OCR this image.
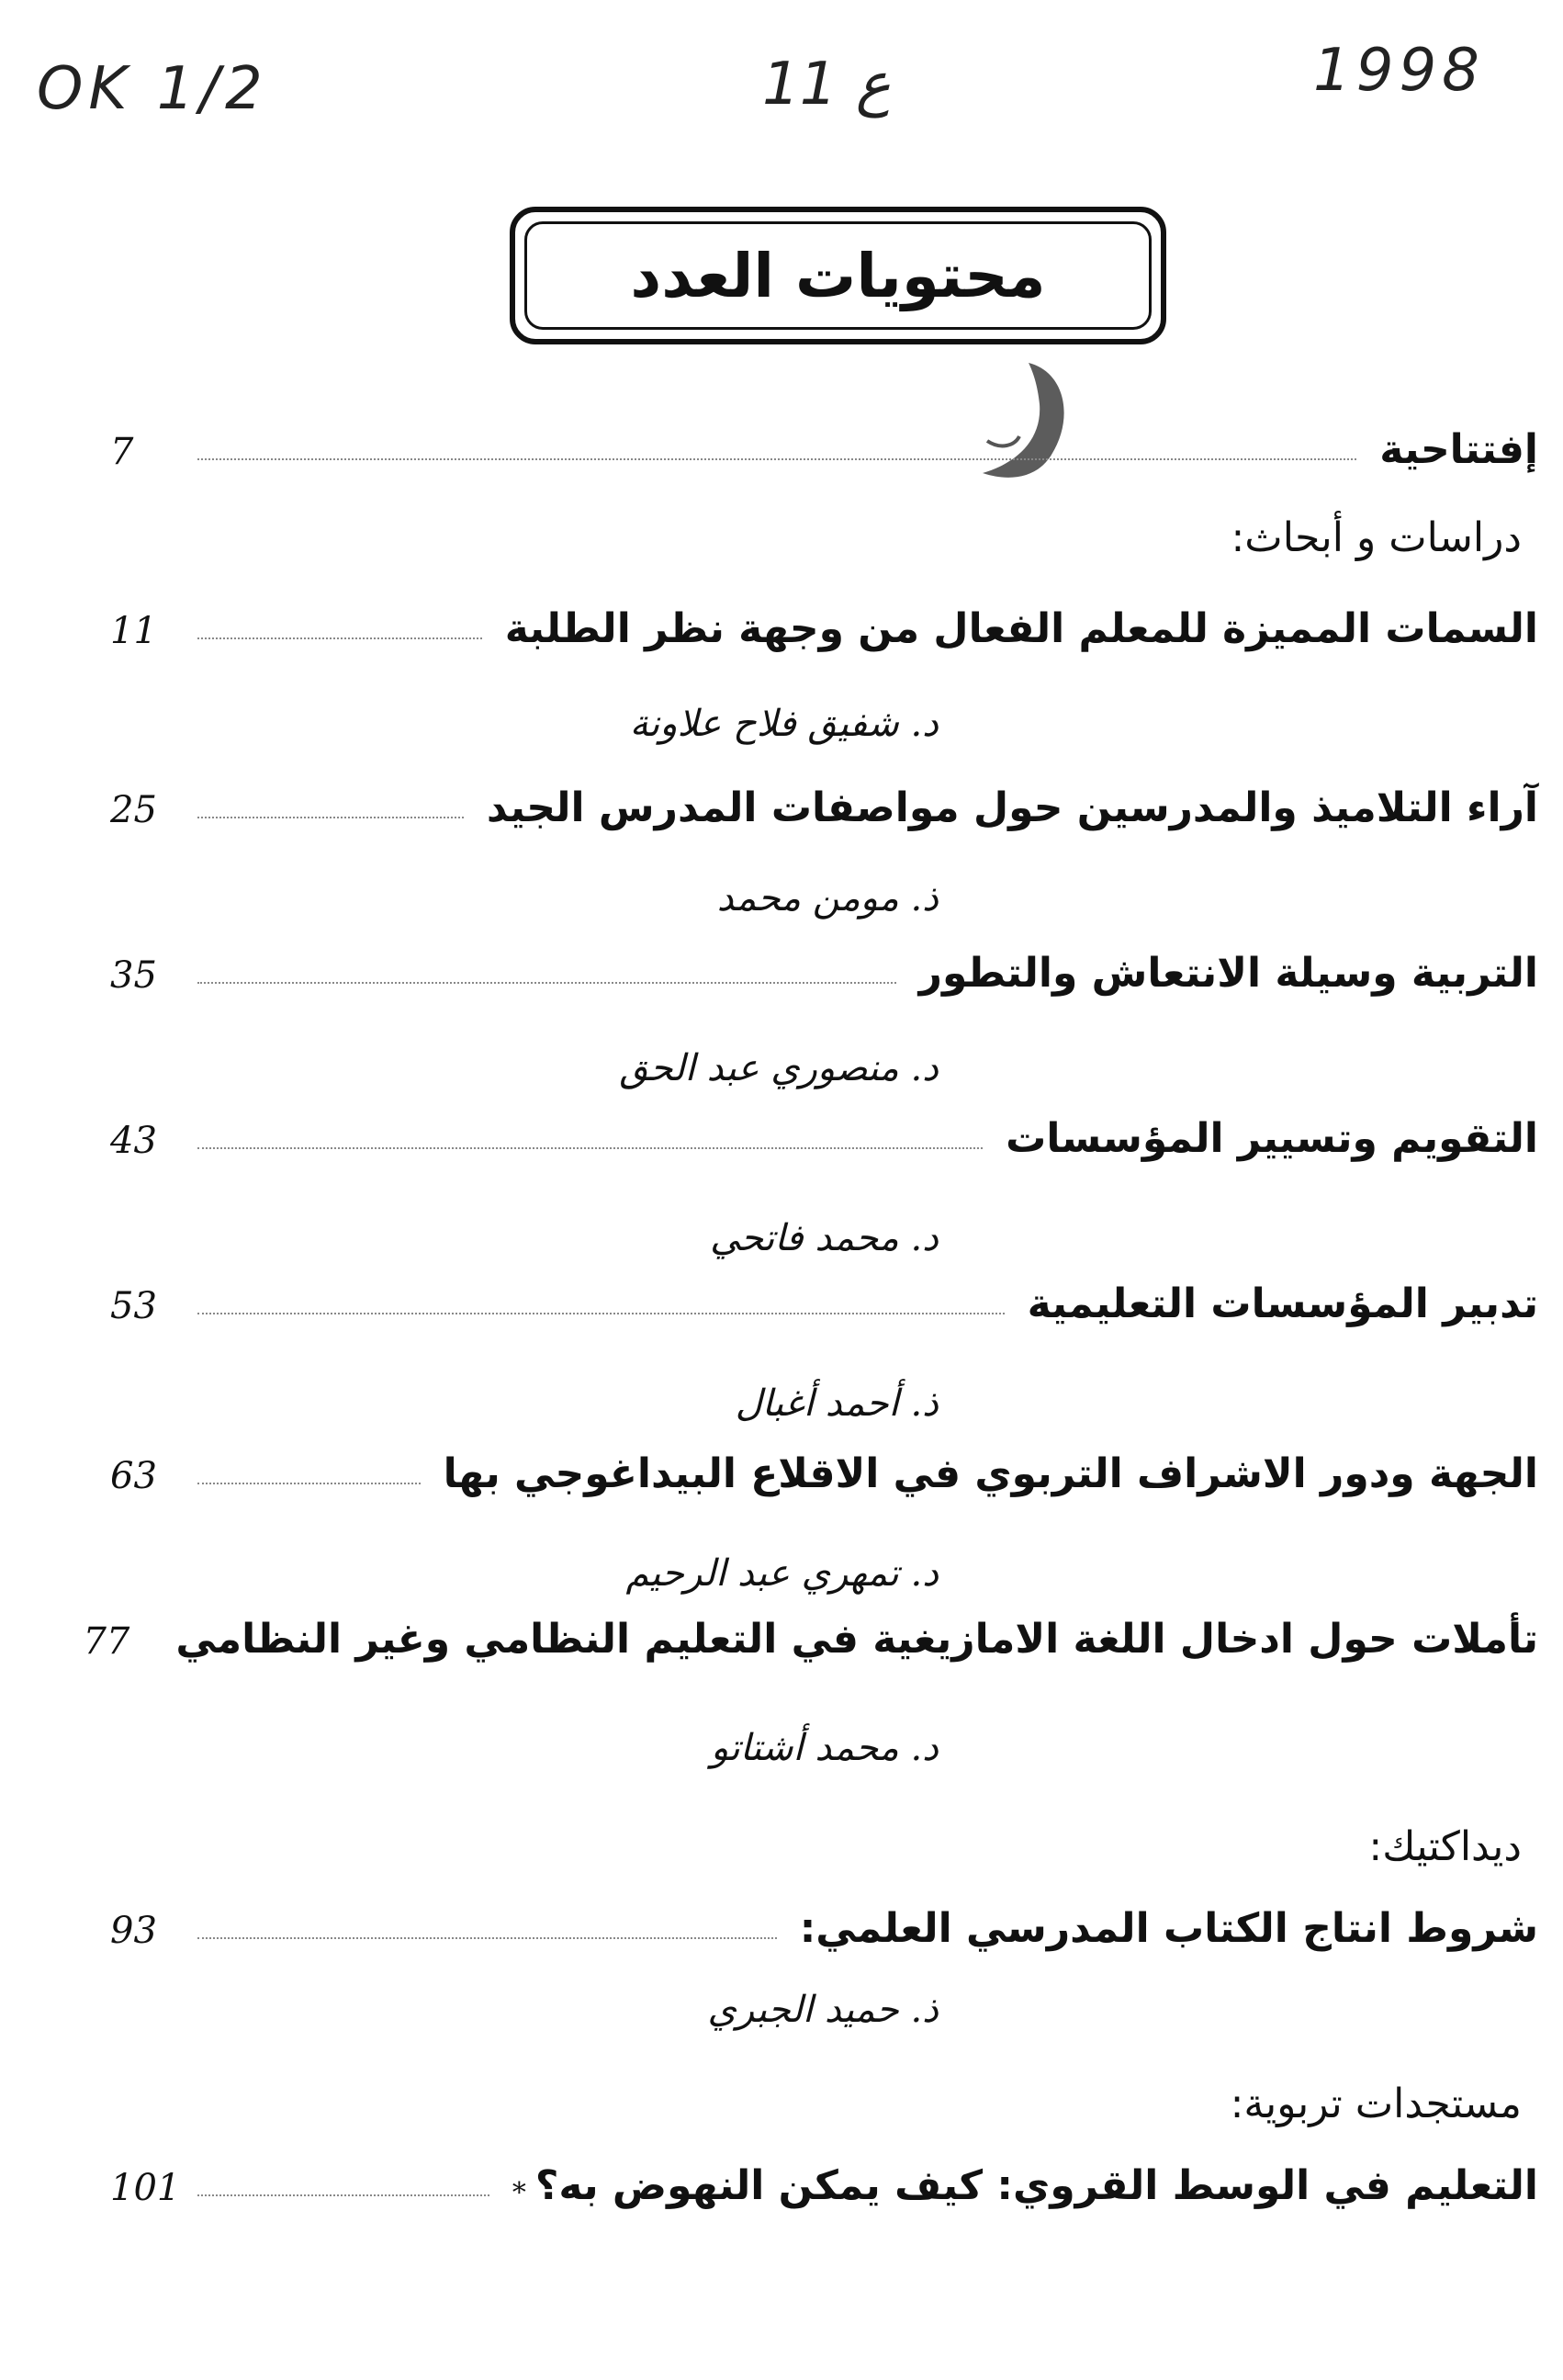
OK 1/2	ع 11	1998
محتويات العدد
إفتتاحية
7
دراسات و أبحاث:
السمات المميزة للمعلم الفعال من وجهة نظر الطلبة
11
د. شفيق فلاح علاونة
آراء التلاميذ والمدرسين حول مواصفات المدرس الجيد
25
ذ. مومن محمد
التربية وسيلة الانتعاش والتطور
35
د. منصوري عبد الحق
التقويم وتسيير المؤسسات
43
د. محمد فاتحي
تدبير المؤسسات التعليمية
53
ذ. أحمد أغبال
الجهة ودور الاشراف التربوي في الاقلاع البيداغوجي بها
63
د. تمهري عبد الرحيم
تأملات حول ادخال اللغة الامازيغية في التعليم النظامي وغير النظامي
77
د. محمد أشتاتو
ديداكتيك:
شروط انتاج الكتاب المدرسي العلمي:
93
ذ. حميد الجبري
مستجدات تربوية:
التعليم في الوسط القروي: كيف يمكن النهوض به؟
*
101
